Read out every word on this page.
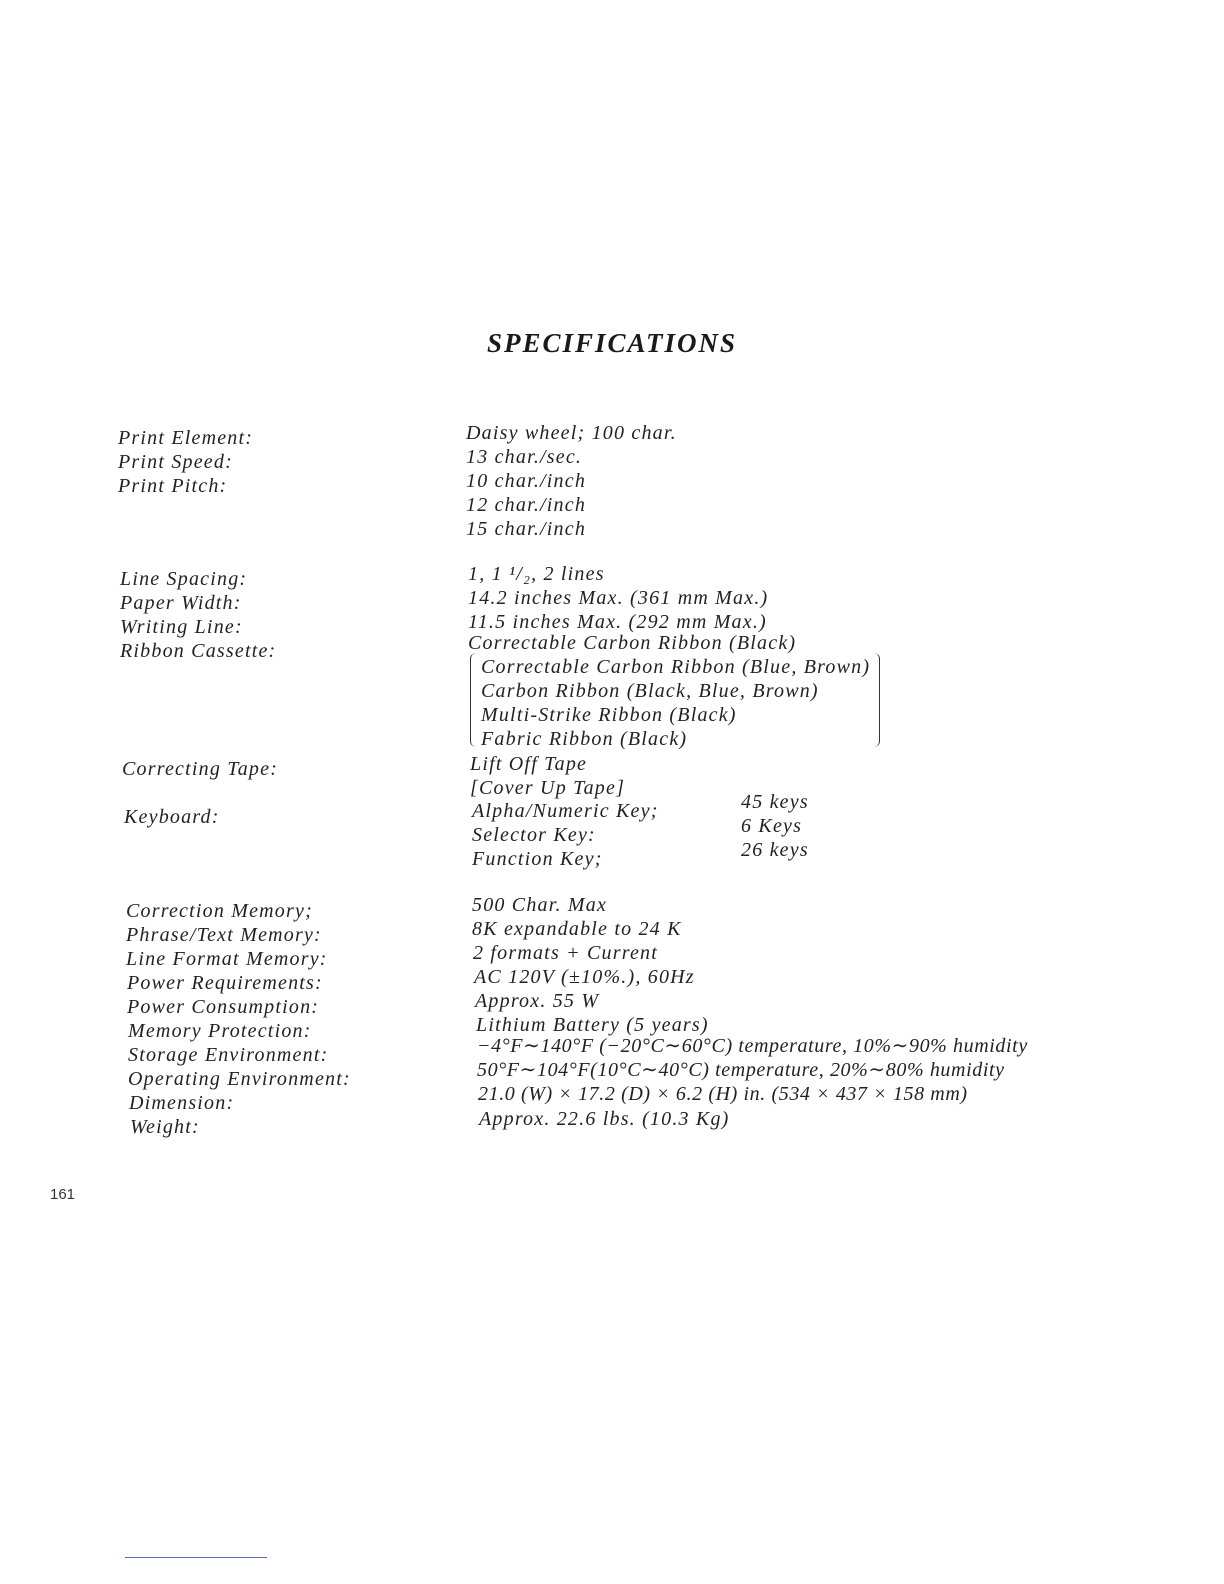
SPECIFICATIONS
Print Element:
Print Speed:
Print Pitch:
Daisy wheel; 100 char.
13 char./sec.
10 char./inch
12 char./inch
15 char./inch
Line Spacing:
Paper Width:
Writing Line:
Ribbon Cassette:
1, 1 ¹/₂, 2 lines
14.2 inches Max. (361 mm Max.)
11.5 inches Max. (292 mm Max.)
Correctable Carbon Ribbon (Black)
Correctable Carbon Ribbon (Blue, Brown)
Carbon Ribbon (Black, Blue, Brown)
Multi-Strike Ribbon (Black)
Fabric Ribbon (Black)
Correcting Tape:	Lift Off Tape
[Cover Up Tape]
Keyboard:	Alpha/Numeric Key;
Selector Key:
Function Key;
45 keys
6 Keys
26 keys
Correction Memory;
Phrase/Text Memory:
Line Format Memory:
Power Requirements:
Power Consumption:
Memory Protection:
Storage Environment:
Operating Environment:
Dimension:
Weight:
500 Char. Max
8K expandable to 24 K
2 formats + Current
AC 120V (±10%.), 60Hz
Approx. 55 W
Lithium Battery (5 years)
−4°F∼140°F (−20°C∼60°C) temperature, 10%∼90% humidity
50°F∼104°F(10°C∼40°C) temperature, 20%∼80% humidity
21.0 (W) × 17.2 (D) × 6.2 (H) in. (534 × 437 × 158 mm)
Approx. 22.6 lbs. (10.3 Kg)
161
